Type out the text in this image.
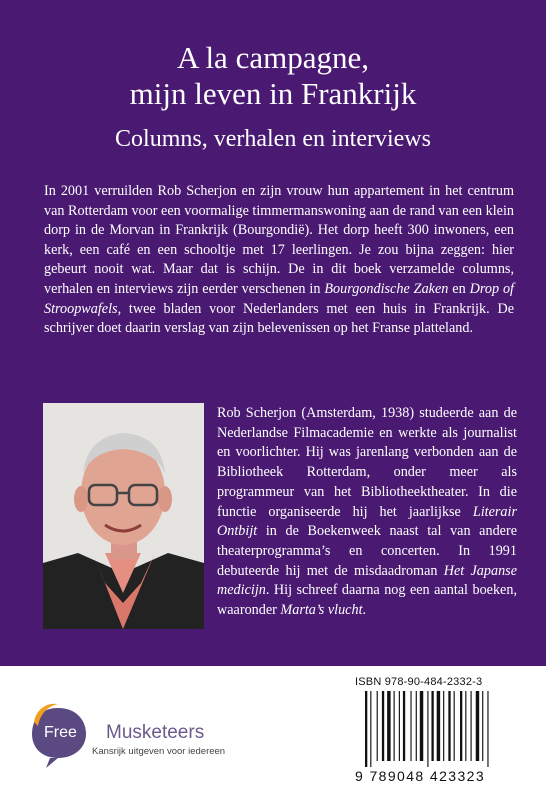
A la campagne,
mijn leven in Frankrijk
Columns, verhalen en interviews

In 2001 verruilden Rob Scherjon en zijn vrouw hun appartement in het centrum van Rotterdam voor een voormalige timmermanswoning aan de rand van een klein dorp in de Morvan in Frankrijk (Bourgondië). Het dorp heeft 300 inwoners, een kerk, een café en een schooltje met 17 leerlingen. Je zou bijna zeggen: hier gebeurt nooit wat. Maar dat is schijn. De in dit boek verzamelde columns, verhalen en interviews zijn eerder verschenen in Bourgondische Zaken en Drop of Stroopwafels, twee bladen voor Nederlanders met een huis in Frankrijk. De schrijver doet daarin verslag van zijn belevenissen op het Franse platteland.

Rob Scherjon (Amsterdam, 1938) studeerde aan de Nederlandse Filmacademie en werkte als journalist en voorlichter. Hij was jarenlang verbonden aan de Bibliotheek Rotterdam, onder meer als programmeur van het Bibliotheektheater. In die functie organiseerde hij het jaarlijkse Literair Ontbijt in de Boekenweek naast tal van andere theaterprogramma’s en concerten. In 1991 debuteerde hij met de misdaadroman Het Japanse medicijn. Hij schreef daarna nog een aantal boeken, waaronder Marta’s vlucht.

Free Musketeers
Kansrijk uitgeven voor iedereen
ISBN 978-90-484-2332-3
9 789048 423323
